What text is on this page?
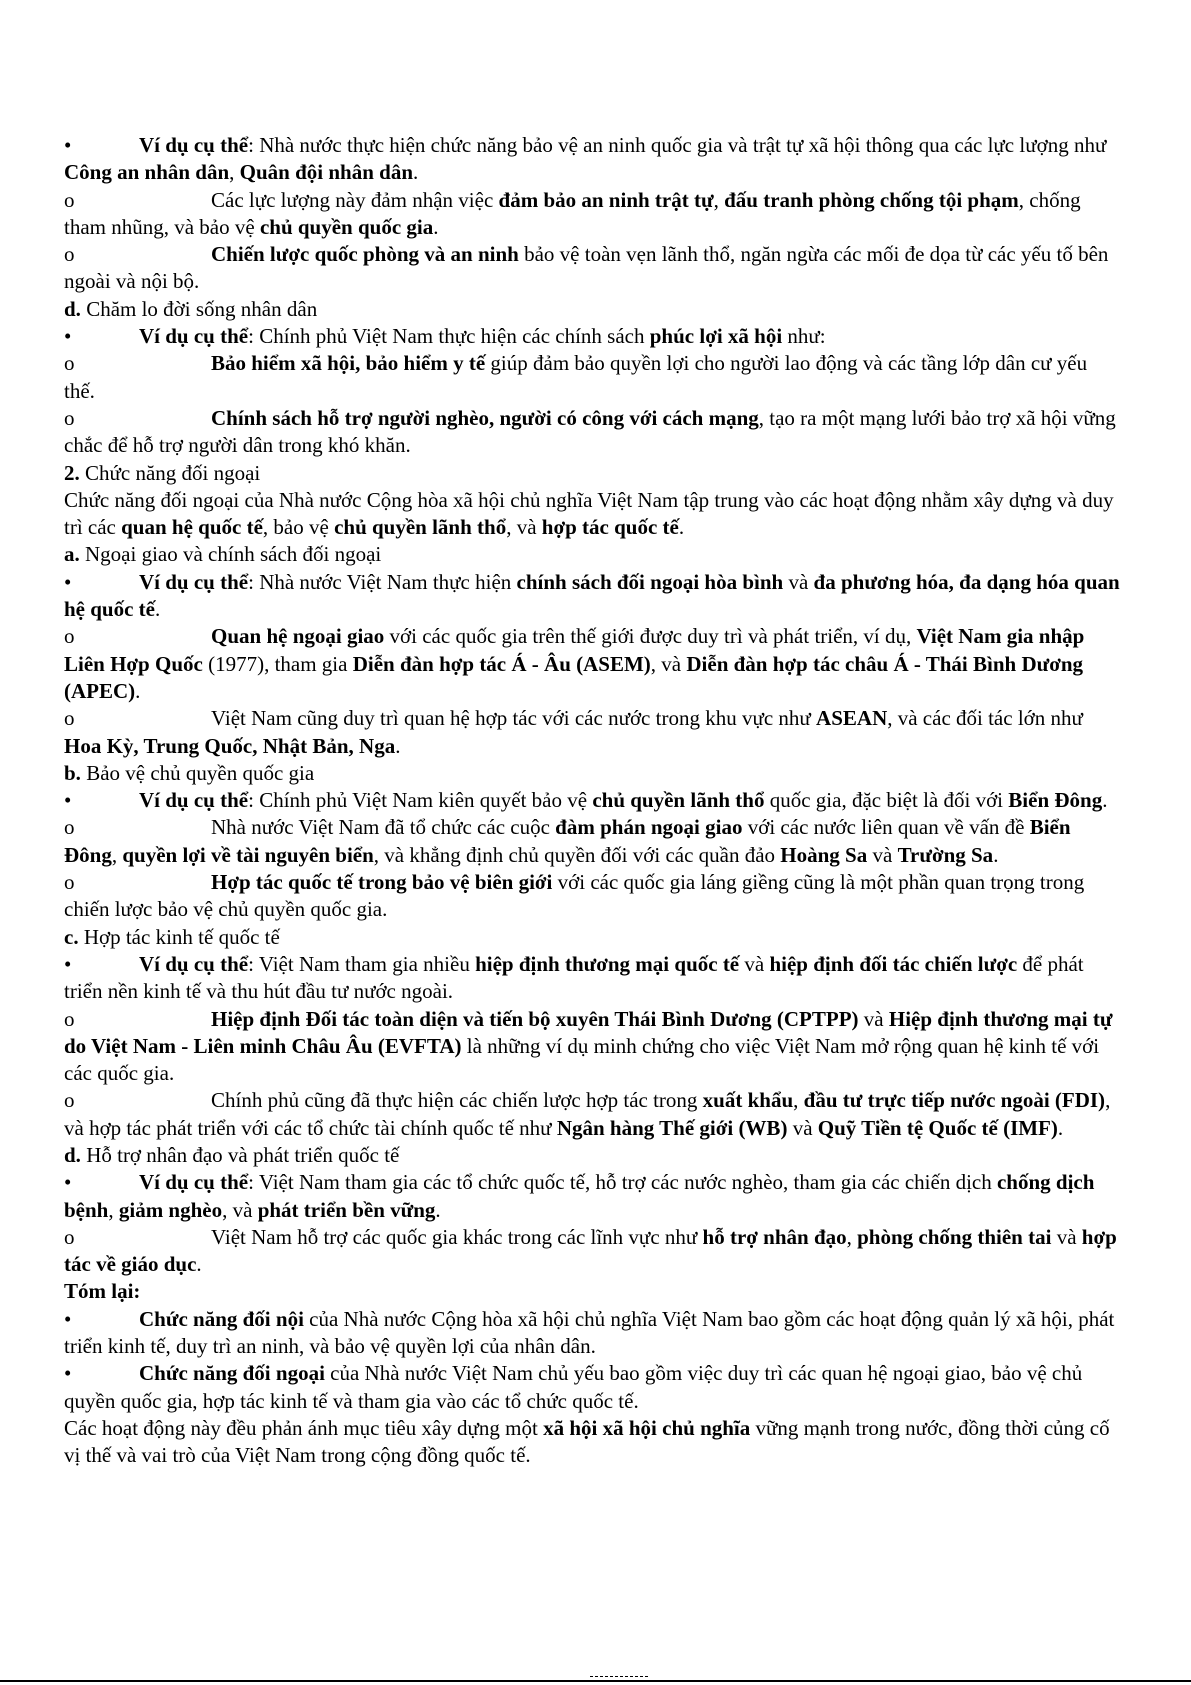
•	Ví dụ cụ thể: Nhà nước thực hiện chức năng bảo vệ an ninh quốc gia và trật tự xã hội thông qua các lực lượng như Công an nhân dân, Quân đội nhân dân.
o	Các lực lượng này đảm nhận việc đảm bảo an ninh trật tự, đấu tranh phòng chống tội phạm, chống tham nhũng, và bảo vệ chủ quyền quốc gia.
o	Chiến lược quốc phòng và an ninh bảo vệ toàn vẹn lãnh thổ, ngăn ngừa các mối đe dọa từ các yếu tố bên ngoài và nội bộ.
d. Chăm lo đời sống nhân dân
•	Ví dụ cụ thể: Chính phủ Việt Nam thực hiện các chính sách phúc lợi xã hội như:
o	Bảo hiểm xã hội, bảo hiểm y tế giúp đảm bảo quyền lợi cho người lao động và các tầng lớp dân cư yếu thế.
o	Chính sách hỗ trợ người nghèo, người có công với cách mạng, tạo ra một mạng lưới bảo trợ xã hội vững chắc để hỗ trợ người dân trong khó khăn.
2. Chức năng đối ngoại
Chức năng đối ngoại của Nhà nước Cộng hòa xã hội chủ nghĩa Việt Nam tập trung vào các hoạt động nhằm xây dựng và duy trì các quan hệ quốc tế, bảo vệ chủ quyền lãnh thổ, và hợp tác quốc tế.
a. Ngoại giao và chính sách đối ngoại
•	Ví dụ cụ thể: Nhà nước Việt Nam thực hiện chính sách đối ngoại hòa bình và đa phương hóa, đa dạng hóa quan hệ quốc tế.
o	Quan hệ ngoại giao với các quốc gia trên thế giới được duy trì và phát triển, ví dụ, Việt Nam gia nhập Liên Hợp Quốc (1977), tham gia Diễn đàn hợp tác Á - Âu (ASEM), và Diễn đàn hợp tác châu Á - Thái Bình Dương (APEC).
o	Việt Nam cũng duy trì quan hệ hợp tác với các nước trong khu vực như ASEAN, và các đối tác lớn như Hoa Kỳ, Trung Quốc, Nhật Bản, Nga.
b. Bảo vệ chủ quyền quốc gia
•	Ví dụ cụ thể: Chính phủ Việt Nam kiên quyết bảo vệ chủ quyền lãnh thổ quốc gia, đặc biệt là đối với Biển Đông.
o	Nhà nước Việt Nam đã tổ chức các cuộc đàm phán ngoại giao với các nước liên quan về vấn đề Biển Đông, quyền lợi về tài nguyên biển, và khẳng định chủ quyền đối với các quần đảo Hoàng Sa và Trường Sa.
o	Hợp tác quốc tế trong bảo vệ biên giới với các quốc gia láng giềng cũng là một phần quan trọng trong chiến lược bảo vệ chủ quyền quốc gia.
c. Hợp tác kinh tế quốc tế
•	Ví dụ cụ thể: Việt Nam tham gia nhiều hiệp định thương mại quốc tế và hiệp định đối tác chiến lược để phát triển nền kinh tế và thu hút đầu tư nước ngoài.
o	Hiệp định Đối tác toàn diện và tiến bộ xuyên Thái Bình Dương (CPTPP) và Hiệp định thương mại tự do Việt Nam - Liên minh Châu Âu (EVFTA) là những ví dụ minh chứng cho việc Việt Nam mở rộng quan hệ kinh tế với các quốc gia.
o	Chính phủ cũng đã thực hiện các chiến lược hợp tác trong xuất khẩu, đầu tư trực tiếp nước ngoài (FDI), và hợp tác phát triển với các tổ chức tài chính quốc tế như Ngân hàng Thế giới (WB) và Quỹ Tiền tệ Quốc tế (IMF).
d. Hỗ trợ nhân đạo và phát triển quốc tế
•	Ví dụ cụ thể: Việt Nam tham gia các tổ chức quốc tế, hỗ trợ các nước nghèo, tham gia các chiến dịch chống dịch bệnh, giảm nghèo, và phát triển bền vững.
o	Việt Nam hỗ trợ các quốc gia khác trong các lĩnh vực như hỗ trợ nhân đạo, phòng chống thiên tai và hợp tác về giáo dục.
Tóm lại:
•	Chức năng đối nội của Nhà nước Cộng hòa xã hội chủ nghĩa Việt Nam bao gồm các hoạt động quản lý xã hội, phát triển kinh tế, duy trì an ninh, và bảo vệ quyền lợi của nhân dân.
•	Chức năng đối ngoại của Nhà nước Việt Nam chủ yếu bao gồm việc duy trì các quan hệ ngoại giao, bảo vệ chủ quyền quốc gia, hợp tác kinh tế và tham gia vào các tổ chức quốc tế.
Các hoạt động này đều phản ánh mục tiêu xây dựng một xã hội xã hội chủ nghĩa vững mạnh trong nước, đồng thời củng cố vị thế và vai trò của Việt Nam trong cộng đồng quốc tế.
